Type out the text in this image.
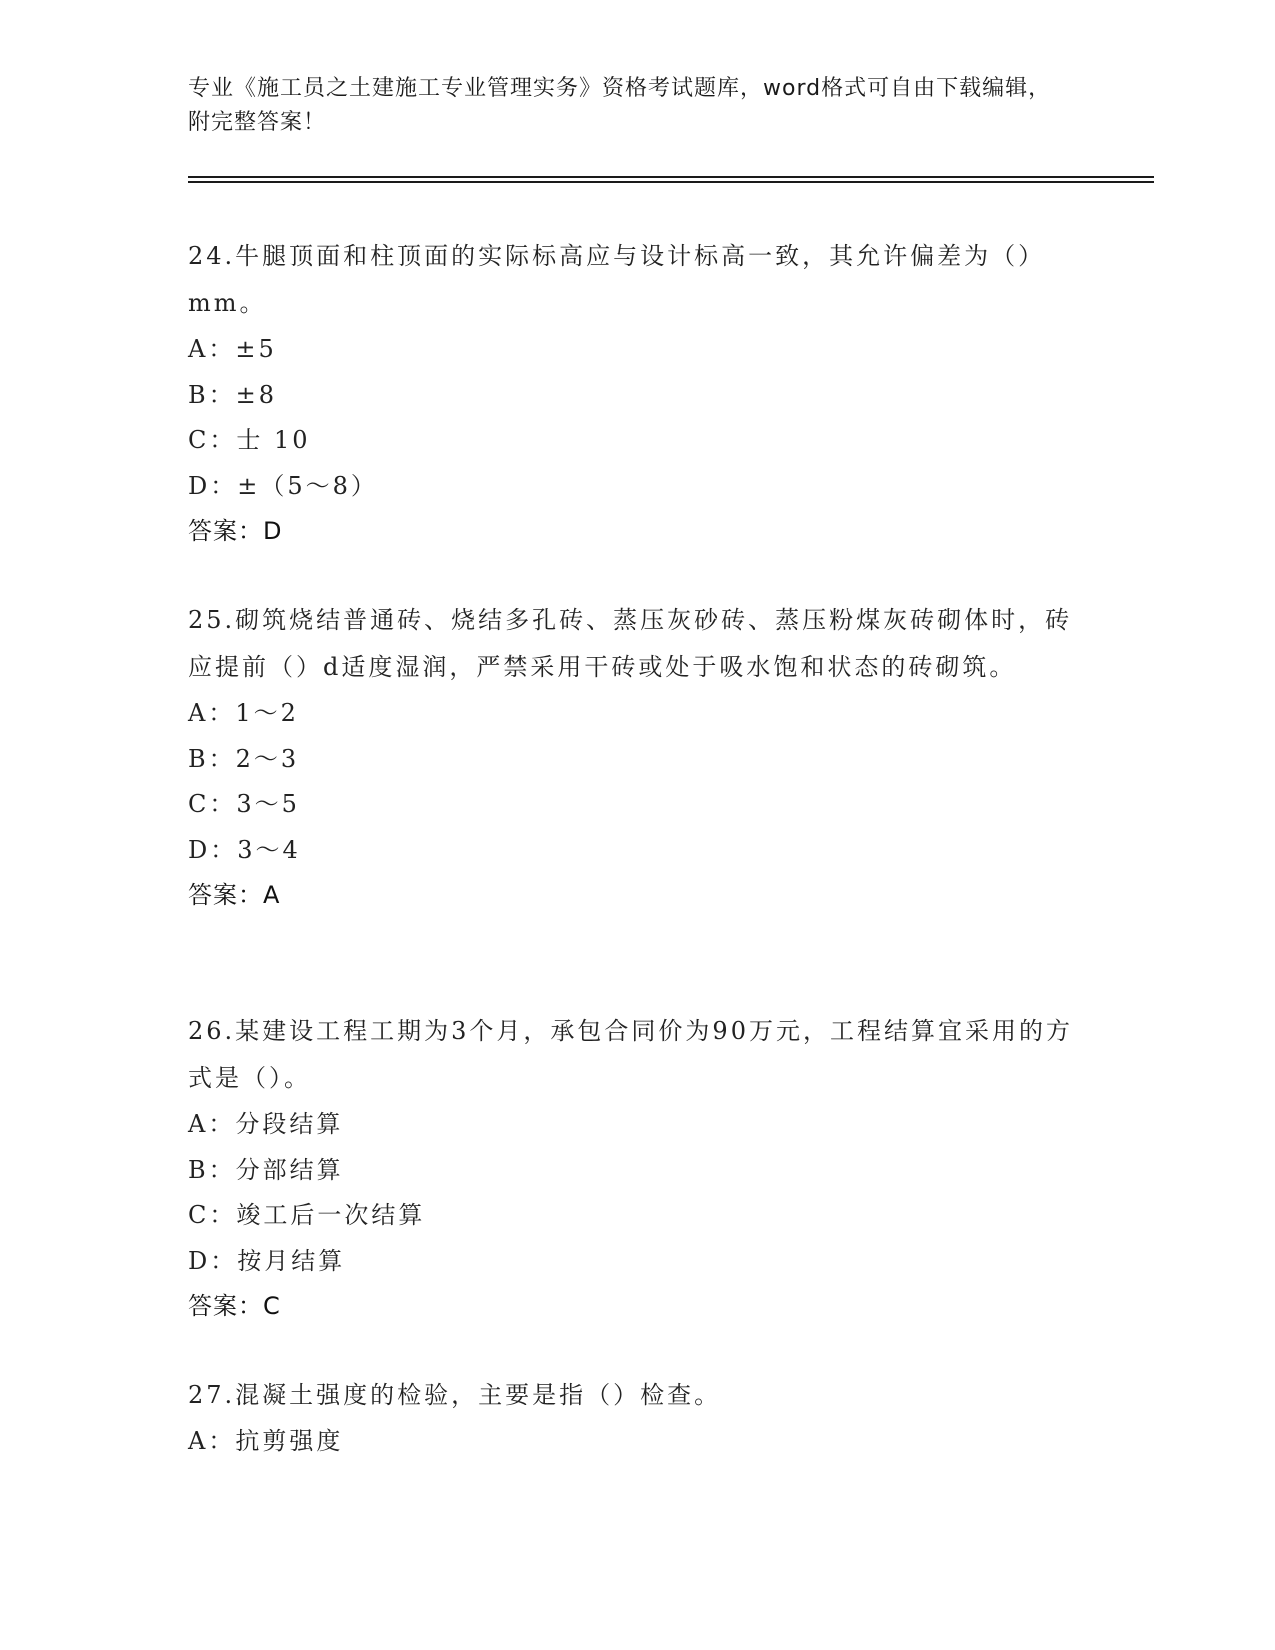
专业《施工员之土建施工专业管理实务》资格考试题库，word格式可自由下载编辑，附完整答案！

24.牛腿顶面和柱顶面的实际标高应与设计标高一致，其允许偏差为（）mm。

A：±5

B：±8

C：士 10

D：±（5～8）

答案：D

25.砌筑烧结普通砖、烧结多孔砖、蒸压灰砂砖、蒸压粉煤灰砖砌体时，砖应提前（）d适度湿润，严禁采用干砖或处于吸水饱和状态的砖砌筑。

A：1～2

B：2～3

C：3～5

D：3～4

答案：A

26.某建设工程工期为3个月，承包合同价为90万元，工程结算宜采用的方式是（）。

A：分段结算

B：分部结算

C：竣工后一次结算

D：按月结算

答案：C

27.混凝土强度的检验，主要是指（）检查。

A：抗剪强度
